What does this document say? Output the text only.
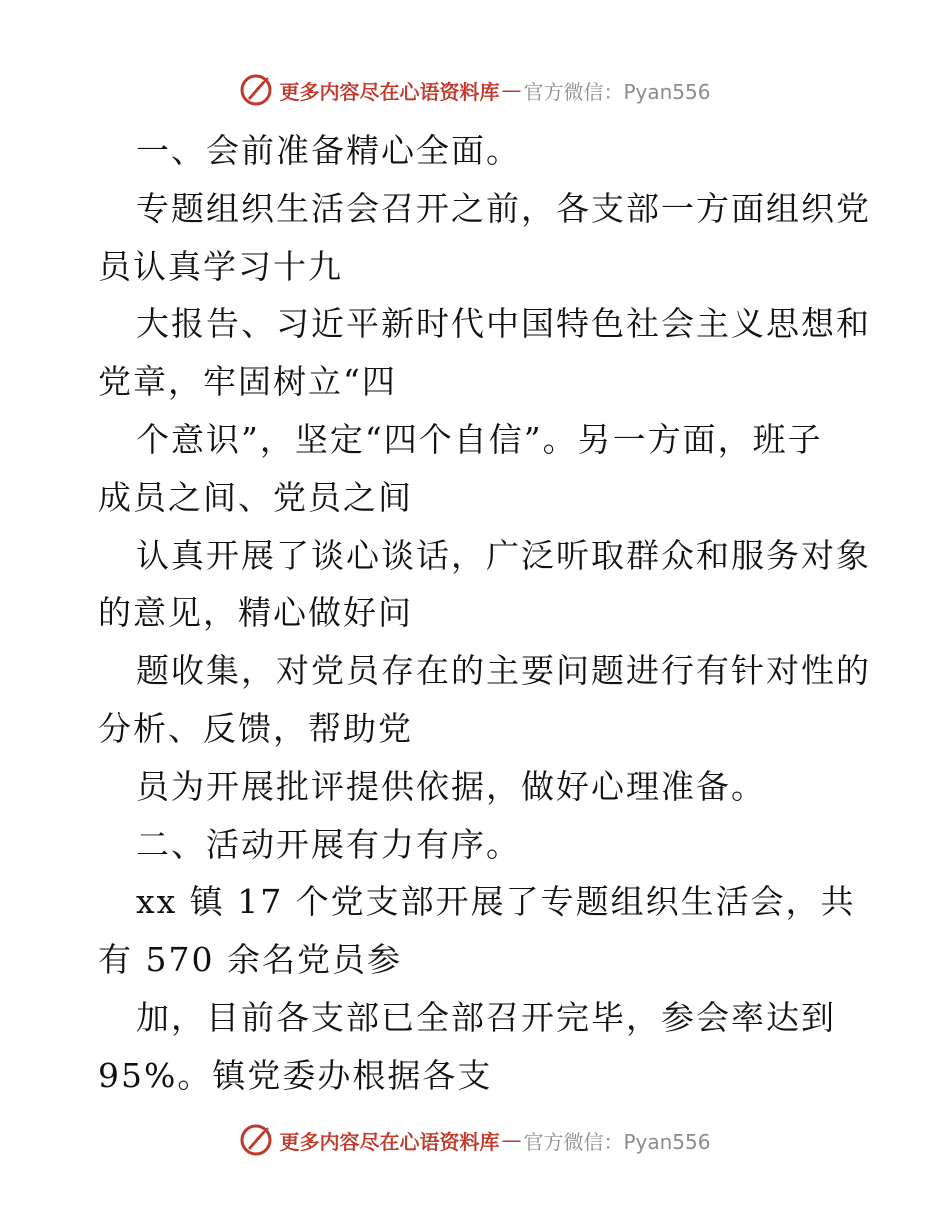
更多内容尽在心语资料库 — 官方微信：Pyan556
一、会前准备精心全面。
专题组织生活会召开之前，各支部一方面组织党
员认真学习十九
大报告、习近平新时代中国特色社会主义思想和
党章，牢固树立“四
个意识”，坚定“四个自信”。另一方面，班子
成员之间、党员之间
认真开展了谈心谈话，广泛听取群众和服务对象
的意见，精心做好问
题收集，对党员存在的主要问题进行有针对性的
分析、反馈，帮助党
员为开展批评提供依据，做好心理准备。
二、活动开展有力有序。
xx 镇 17 个党支部开展了专题组织生活会，共
有 570 余名党员参
加，目前各支部已全部召开完毕，参会率达到
95%。镇党委办根据各支
更多内容尽在心语资料库 — 官方微信：Pyan556
